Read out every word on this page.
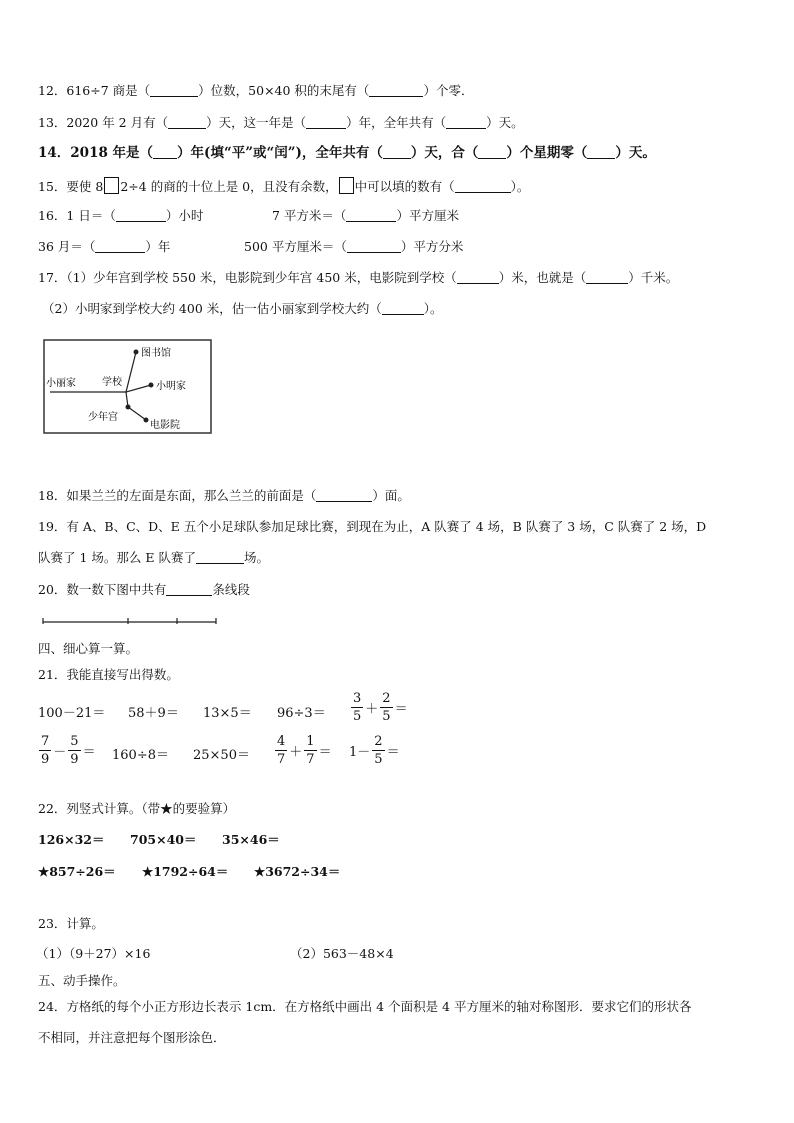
12．616÷7 商是（	）位数，50×40 积的末尾有（	）个零．
13．2020 年 2 月有（	）天，这一年是（	）年，全年共有（	）天。
14．2018 年是（ ）年(填“平”或“闰”)，全年共有（ ）天，合（ ）个星期零（ ）天。
15．要使 8 2÷4 的商的十位上是 0，且没有余数， 中可以填的数有（	）。
16．1 日＝（	）小时	7 平方米＝（	）平方厘米
36 月＝（	）年	500 平方厘米＝（	）平方分米
17．（1）少年宫到学校 550 米，电影院到少年宫 450 米，电影院到学校（	）米，也就是（	）千米。
（2）小明家到学校大约 400 米，估一估小丽家到学校大约（	）。
图书馆
小丽家	学校	小明家
少年宫
电影院
18．如果兰兰的左面是东面，那么兰兰的前面是（	）面。
19．有 A、B、C、D、E 五个小足球队参加足球比赛，到现在为止，A 队赛了 4 场，B 队赛了 3 场，C 队赛了 2 场，D
队赛了 1 场。那么 E 队赛了	场。
20．数一数下图中共有	条线段
四、细心算一算。
21．我能直接写出得数。
$100-21= 58+9= 13\times 5= 96\div 3= \frac{3}{5} + \frac{2}{5}$ ＝
$\frac{7}{9} - \frac{5}{9} = 160\div 8= 25\times 50= \frac{4}{7} + \frac{1}{7} = 1- \frac{2}{5}$ ＝
22．列竖式计算。（带★的要验算）
126×32＝ 705×40＝ 35×46＝
★857÷26＝ ★1792÷64＝ ★3672÷34＝
23．计算。
（1）（9＋27）×16	（2）563－48×4
五、动手操作。
24．方格纸的每个小正方形边长表示 1cm．在方格纸中画出 4 个面积是 4 平方厘米的轴对称图形．要求它们的形状各
不相同，并注意把每个图形涂色．
